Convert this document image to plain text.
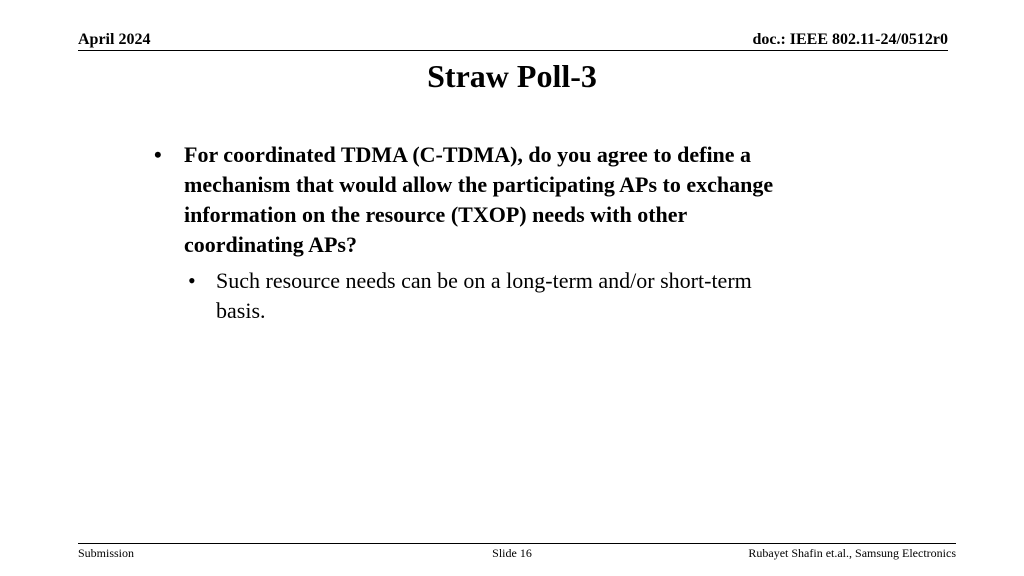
April 2024	doc.: IEEE 802.11-24/0512r0
Straw Poll-3
• For coordinated TDMA (C-TDMA), do you agree to define a mechanism that would allow the participating APs to exchange information on the resource (TXOP) needs with other coordinating APs?
• Such resource needs can be on a long-term and/or short-term basis.
Submission	Slide 16	Rubayet Shafin et.al., Samsung Electronics
